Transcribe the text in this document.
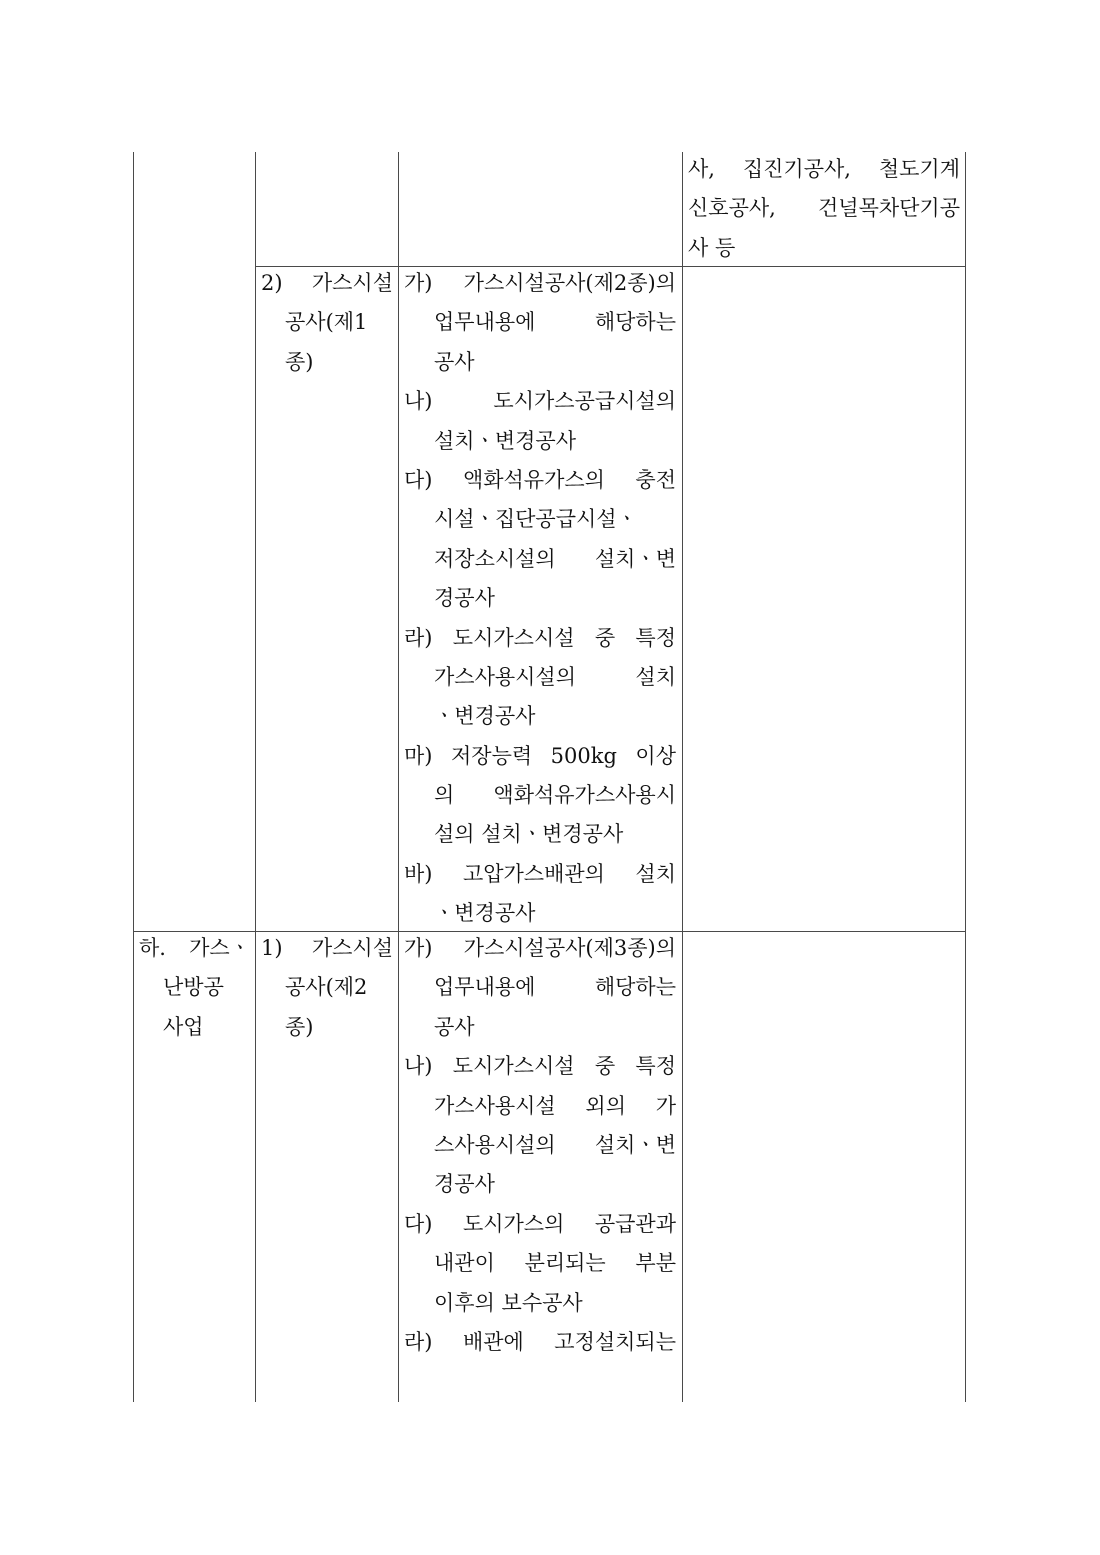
사, 집진기공사, 철도기계
신호공사, 건널목차단기공
사 등
2) 가스시설
공사(제1
종)
가) 가스시설공사(제2종)의
업무내용에 해당하는
공사
나) 도시가스공급시설의
설치ㆍ변경공사
다) 액화석유가스의 충전
시설ㆍ집단공급시설ㆍ
저장소시설의 설치ㆍ변
경공사
라) 도시가스시설 중 특정
가스사용시설의 설치
ㆍ변경공사
마) 저장능력 500kg 이상
의 액화석유가스사용시
설의 설치ㆍ변경공사
바) 고압가스배관의 설치
ㆍ변경공사
하. 가스ㆍ
난방공
사업
1) 가스시설
공사(제2
종)
가) 가스시설공사(제3종)의
업무내용에 해당하는
공사
나) 도시가스시설 중 특정
가스사용시설 외의 가
스사용시설의 설치ㆍ변
경공사
다) 도시가스의 공급관과
내관이 분리되는 부분
이후의 보수공사
라) 배관에 고정설치되는
